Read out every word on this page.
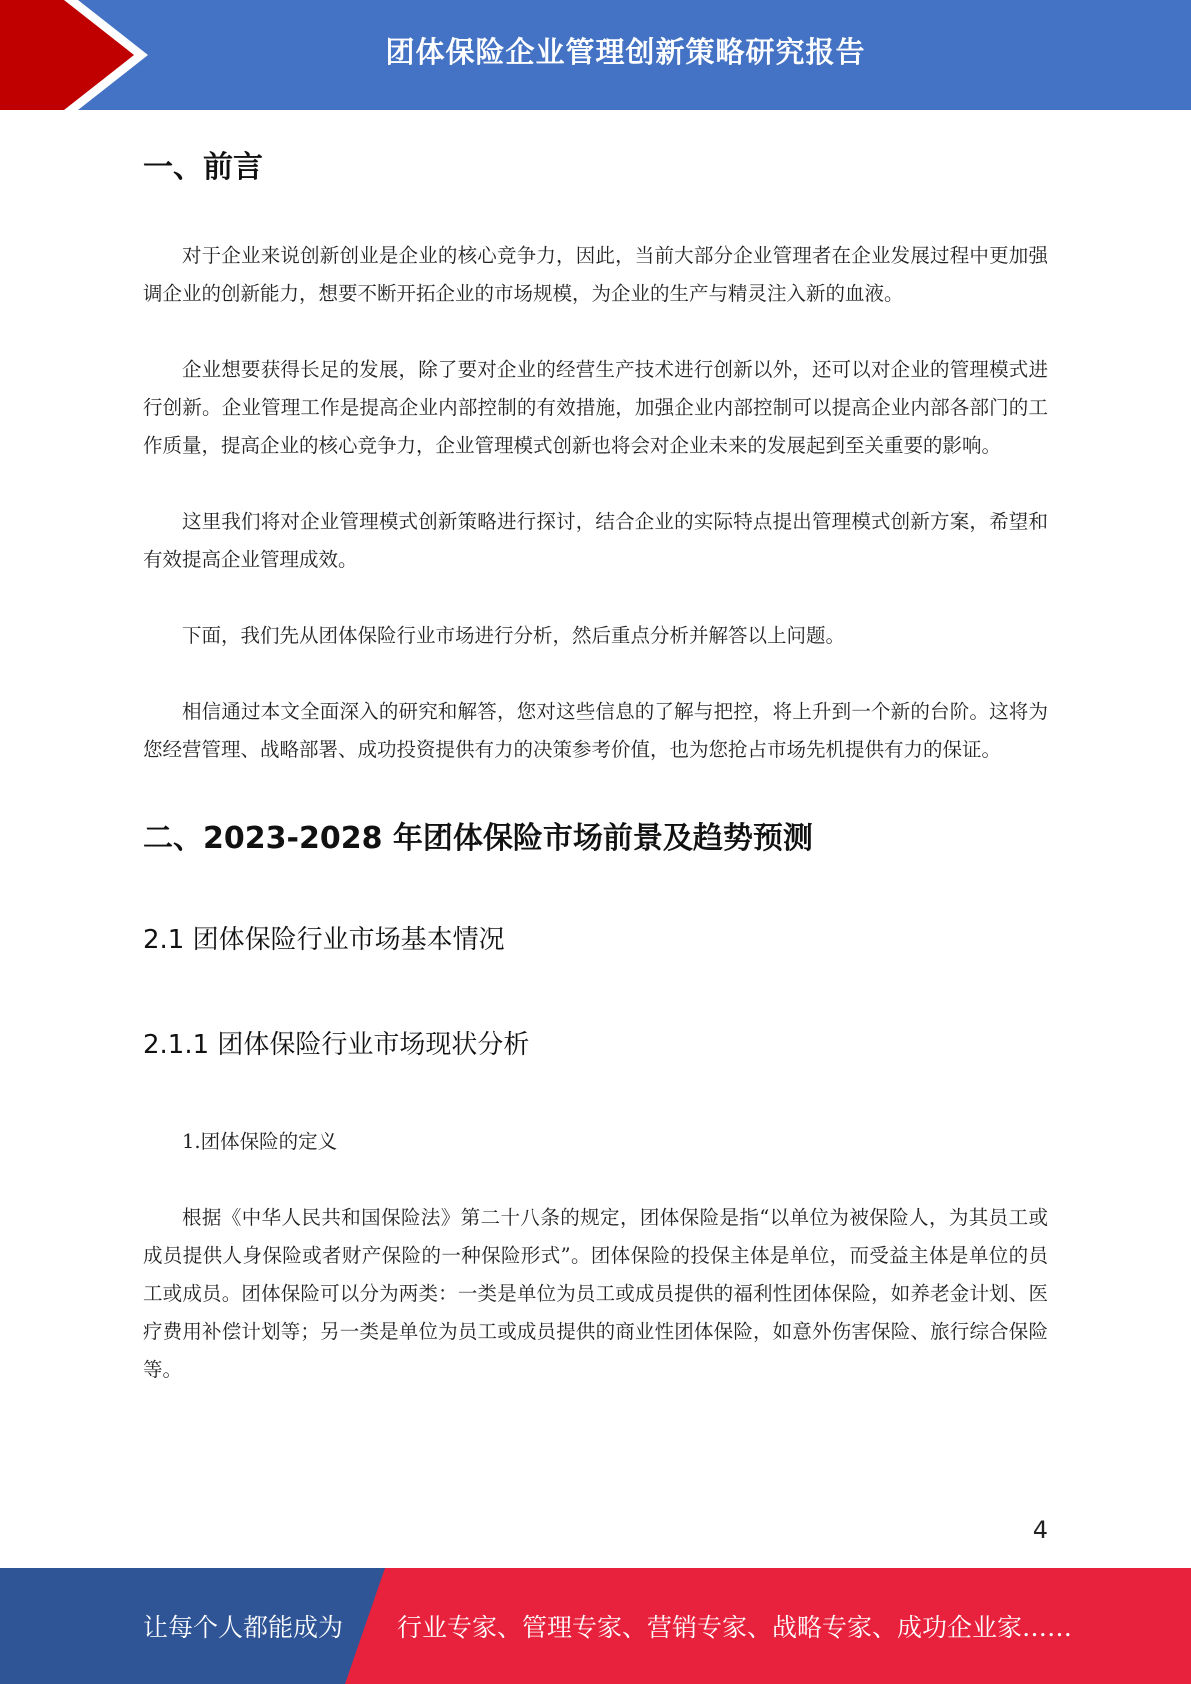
团体保险企业管理创新策略研究报告
一、前言

对于企业来说创新创业是企业的核心竞争力，因此，当前大部分企业管理者在企业发展过程中更加强调企业的创新能力，想要不断开拓企业的市场规模，为企业的生产与精灵注入新的血液。

企业想要获得长足的发展，除了要对企业的经营生产技术进行创新以外，还可以对企业的管理模式进行创新。企业管理工作是提高企业内部控制的有效措施，加强企业内部控制可以提高企业内部各部门的工作质量，提高企业的核心竞争力，企业管理模式创新也将会对企业未来的发展起到至关重要的影响。

这里我们将对企业管理模式创新策略进行探讨，结合企业的实际特点提出管理模式创新方案，希望和有效提高企业管理成效。

下面，我们先从团体保险行业市场进行分析，然后重点分析并解答以上问题。

相信通过本文全面深入的研究和解答，您对这些信息的了解与把控，将上升到一个新的台阶。这将为您经营管理、战略部署、成功投资提供有力的决策参考价值，也为您抢占市场先机提供有力的保证。

二、2023-2028 年团体保险市场前景及趋势预测
2.1 团体保险行业市场基本情况
2.1.1 团体保险行业市场现状分析

1.团体保险的定义

根据《中华人民共和国保险法》第二十八条的规定，团体保险是指“以单位为被保险人，为其员工或成员提供人身保险或者财产保险的一种保险形式”。团体保险的投保主体是单位，而受益主体是单位的员工或成员。团体保险可以分为两类：一类是单位为员工或成员提供的福利性团体保险，如养老金计划、医疗费用补偿计划等；另一类是单位为员工或成员提供的商业性团体保险，如意外伤害保险、旅行综合保险等。

4
让每个人都能成为 行业专家、管理专家、营销专家、战略专家、成功企业家……
